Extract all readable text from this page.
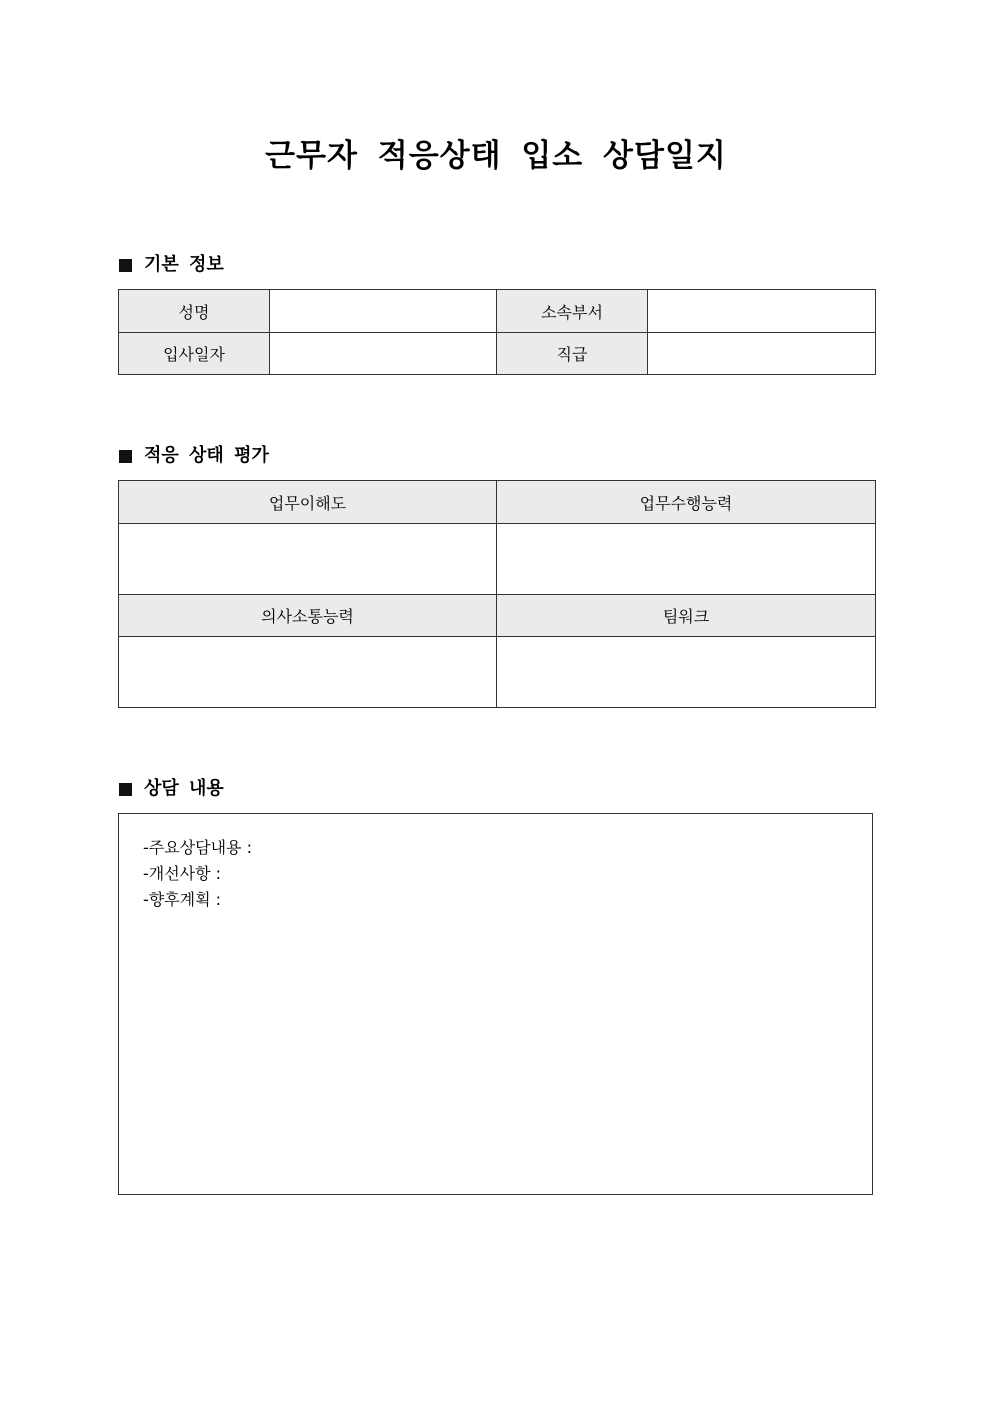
근무자 적응상태 입소 상담일지
기본 정보
성명		소속부서	
입사일자		직급	
적응 상태 평가
업무이해도	업무수행능력

의사소통능력	팀워크

상담 내용
-주요상담내용 :
-개선사항 :
-향후계획 :
